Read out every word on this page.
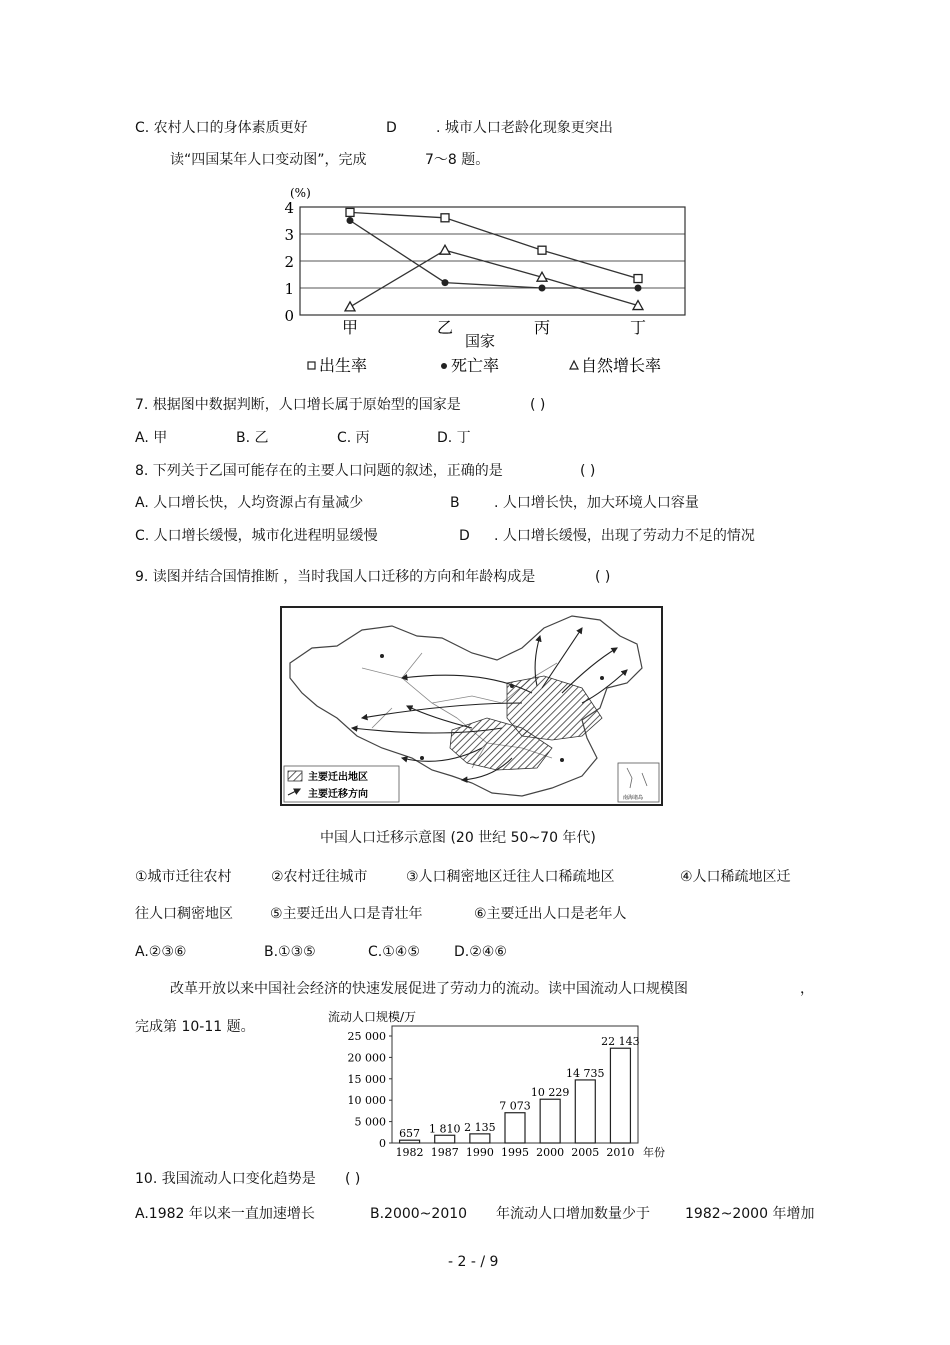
C. 农村人口的身体素质更好	D	. 城市人口老龄化现象更突出
读“四国某年人口变动图”，完成	7～8 题。
(%)
0
1
2
3
4
甲	乙	丙	丁
国家
出生率	死亡率	自然增长率
7. 根据图中数据判断，人口增长属于原始型的国家是	( )
A. 甲	B. 乙	C. 丙	D. 丁
8. 下列关于乙国可能存在的主要人口问题的叙述，正确的是	( )
A. 人口增长快，人均资源占有量减少	B . 人口增长快，加大环境人口容量
C. 人口增长缓慢，城市化进程明显缓慢	D . 人口增长缓慢，出现了劳动力不足的情况
9. 读图并结合国情推断 ，当时我国人口迁移的方向和年龄构成是	( )
主要迁出地区
主要迁移方向	南海诸岛
中国人口迁移示意图 (20 世纪 50~70 年代)
①城市迁往农村	②农村迁往城市	③人口稠密地区迁往人口稀疏地区	④人口稀疏地区迁
往人口稠密地区	⑤主要迁出人口是青壮年	⑥主要迁出人口是老年人
A.②③⑥	B.①③⑤	C.①④⑤ D.②④⑥
改革开放以来中国社会经济的快速发展促进了劳动力的流动。读中国流动人口规模图	，
完成第 10-11 题。
流动人口规模/万
0
5 000
10 000
15 000
20 000
25 000
657 1 810 2 135
7 073
10 229
14 735
22 143
1982 1987 1990 1995 2000 2005 2010 年份
10. 我国流动人口变化趋势是 ( )
A.1982 年以来一直加速增长	B.2000~2010 年流动人口增加数量少于	1982~2000 年增加
- 2 - / 9
